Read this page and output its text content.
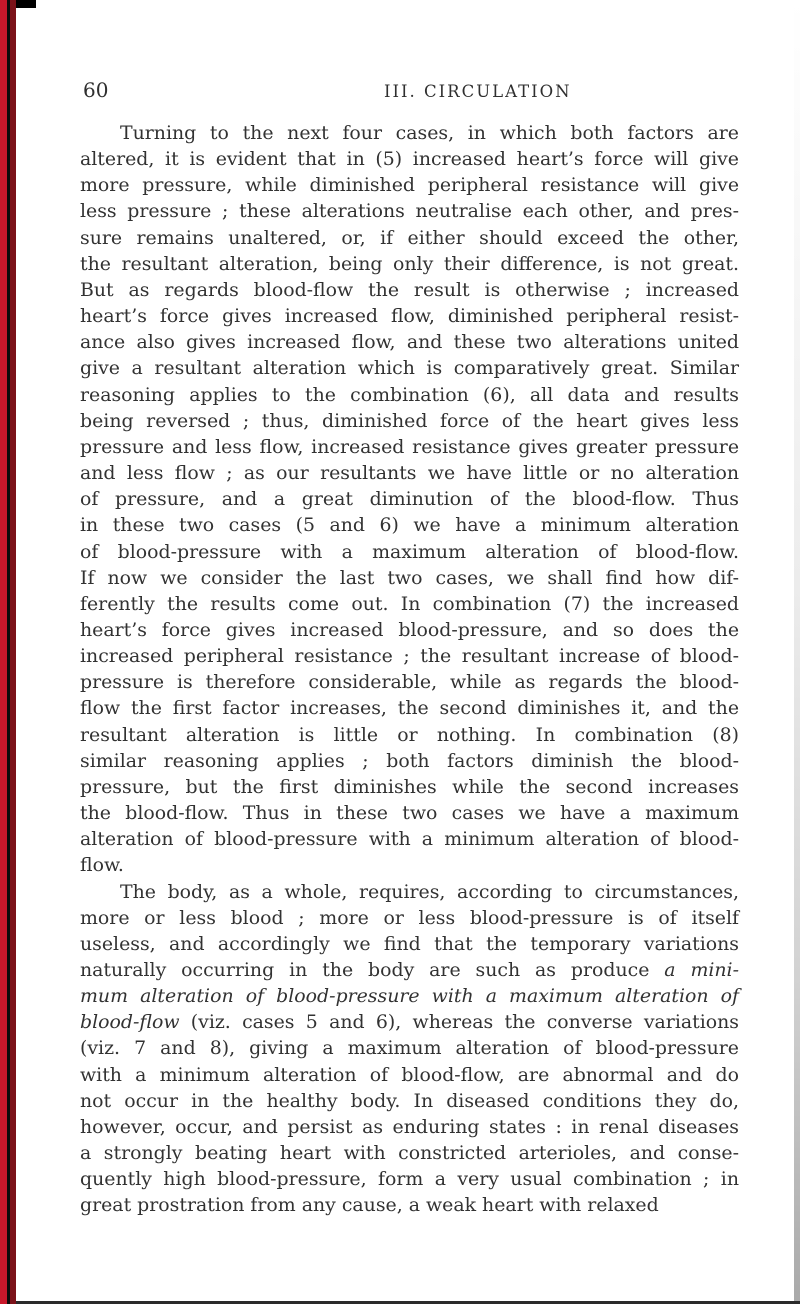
60	III. CIRCULATION
Turning to the next four cases, in which both factors are
altered, it is evident that in (5) increased heart’s force will give
more pressure, while diminished peripheral resistance will give
less pressure ; these alterations neutralise each other, and pres-
sure remains unaltered, or, if either should exceed the other,
the resultant alteration, being only their difference, is not great.
But as regards blood-flow the result is otherwise ; increased
heart’s force gives increased flow, diminished peripheral resist-
ance also gives increased flow, and these two alterations united
give a resultant alteration which is comparatively great. Similar
reasoning applies to the combination (6), all data and results
being reversed ; thus, diminished force of the heart gives less
pressure and less flow, increased resistance gives greater pressure
and less flow ; as our resultants we have little or no alteration
of pressure, and a great diminution of the blood-flow. Thus
in these two cases (5 and 6) we have a minimum alteration
of blood-pressure with a maximum alteration of blood-flow.
If now we consider the last two cases, we shall find how dif-
ferently the results come out. In combination (7) the increased
heart’s force gives increased blood-pressure, and so does the
increased peripheral resistance ; the resultant increase of blood-
pressure is therefore considerable, while as regards the blood-
flow the first factor increases, the second diminishes it, and the
resultant alteration is little or nothing. In combination (8)
similar reasoning applies ; both factors diminish the blood-
pressure, but the first diminishes while the second increases
the blood-flow. Thus in these two cases we have a maximum
alteration of blood-pressure with a minimum alteration of blood-
flow.
The body, as a whole, requires, according to circumstances,
more or less blood ; more or less blood-pressure is of itself
useless, and accordingly we find that the temporary variations
naturally occurring in the body are such as produce a mini-
mum alteration of blood-pressure with a maximum alteration of
blood-flow (viz. cases 5 and 6), whereas the converse variations
(viz. 7 and 8), giving a maximum alteration of blood-pressure
with a minimum alteration of blood-flow, are abnormal and do
not occur in the healthy body. In diseased conditions they do,
however, occur, and persist as enduring states : in renal diseases
a strongly beating heart with constricted arterioles, and conse-
quently high blood-pressure, form a very usual combination ; in
great prostration from any cause, a weak heart with relaxed
